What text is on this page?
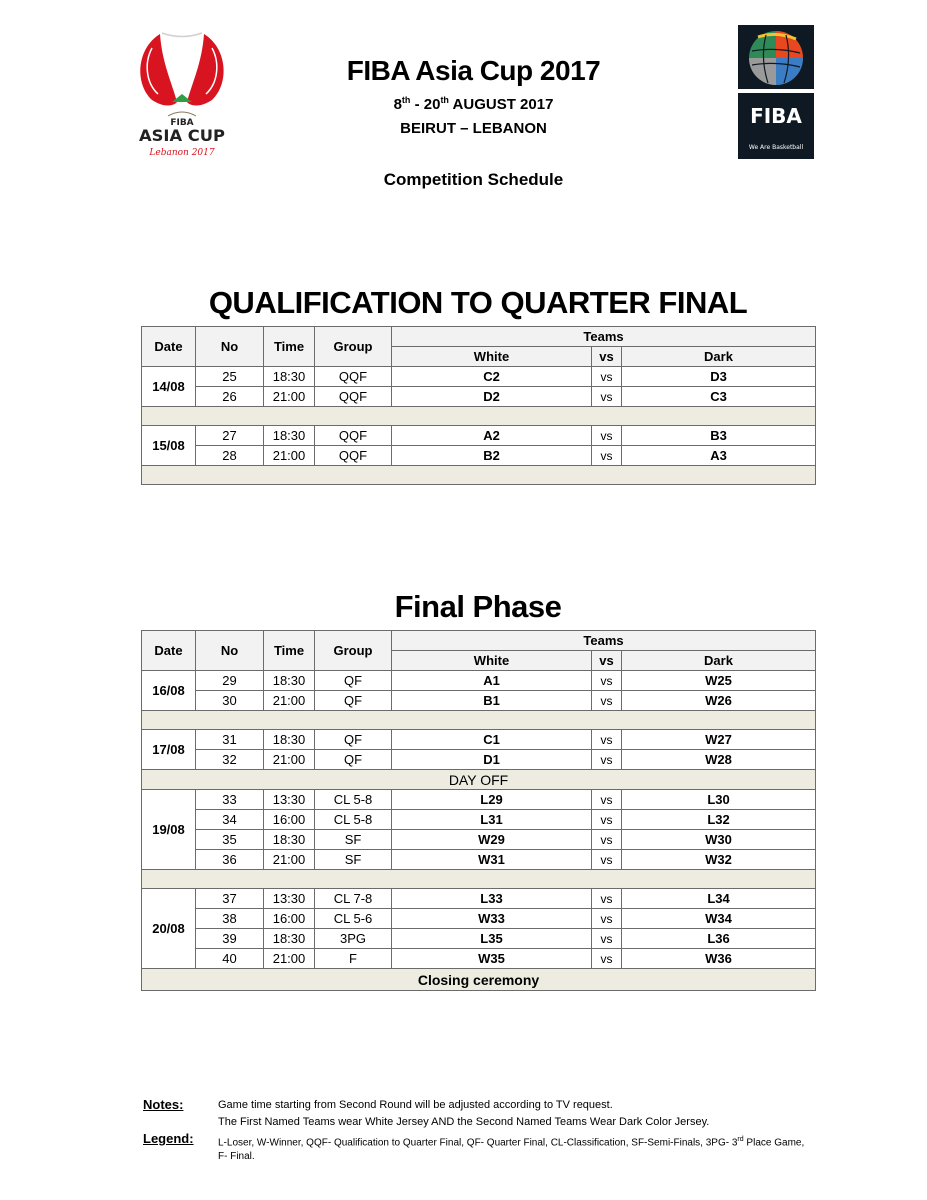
FIBA
ASIA CUP
Lebanon 2017
FIBA
We Are Basketball
FIBA Asia Cup 2017
8th - 20th AUGUST 2017
BEIRUT – LEBANON
Competition Schedule
QUALIFICATION TO QUARTER FINAL
Date	No	Time	Group	Teams		
				White	vs	Dark
14/08	25	18:30	QQF	C2	vs	D3
	26	21:00	QQF	D2	vs	C3

15/08	27	18:30	QQF	A2	vs	B3
	28	21:00	QQF	B2	vs	A3

Final Phase
Date	No	Time	Group	Teams		
				White	vs	Dark
16/08	29	18:30	QF	A1	vs	W25
	30	21:00	QF	B1	vs	W26

17/08	31	18:30	QF	C1	vs	W27
	32	21:00	QF	D1	vs	W28
DAY OFF						
19/08	33	13:30	CL 5-8	L29	vs	L30
	34	16:00	CL 5-8	L31	vs	L32
	35	18:30	SF	W29	vs	W30
	36	21:00	SF	W31	vs	W32

20/08	37	13:30	CL 7-8	L33	vs	L34
	38	16:00	CL 5-6	W33	vs	W34
	39	18:30	3PG	L35	vs	L36
	40	21:00	F	W35	vs	W36
Closing ceremony						
Notes:	Game time starting from Second Round will be adjusted according to TV request.
The First Named Teams wear White Jersey AND the Second Named Teams Wear Dark Color Jersey.
Legend: L-Loser, W-Winner, QQF- Qualification to Quarter Final, QF- Quarter Final, CL-Classification, SF-Semi-Finals, 3PG- 3rd Place Game,
F- Final.
